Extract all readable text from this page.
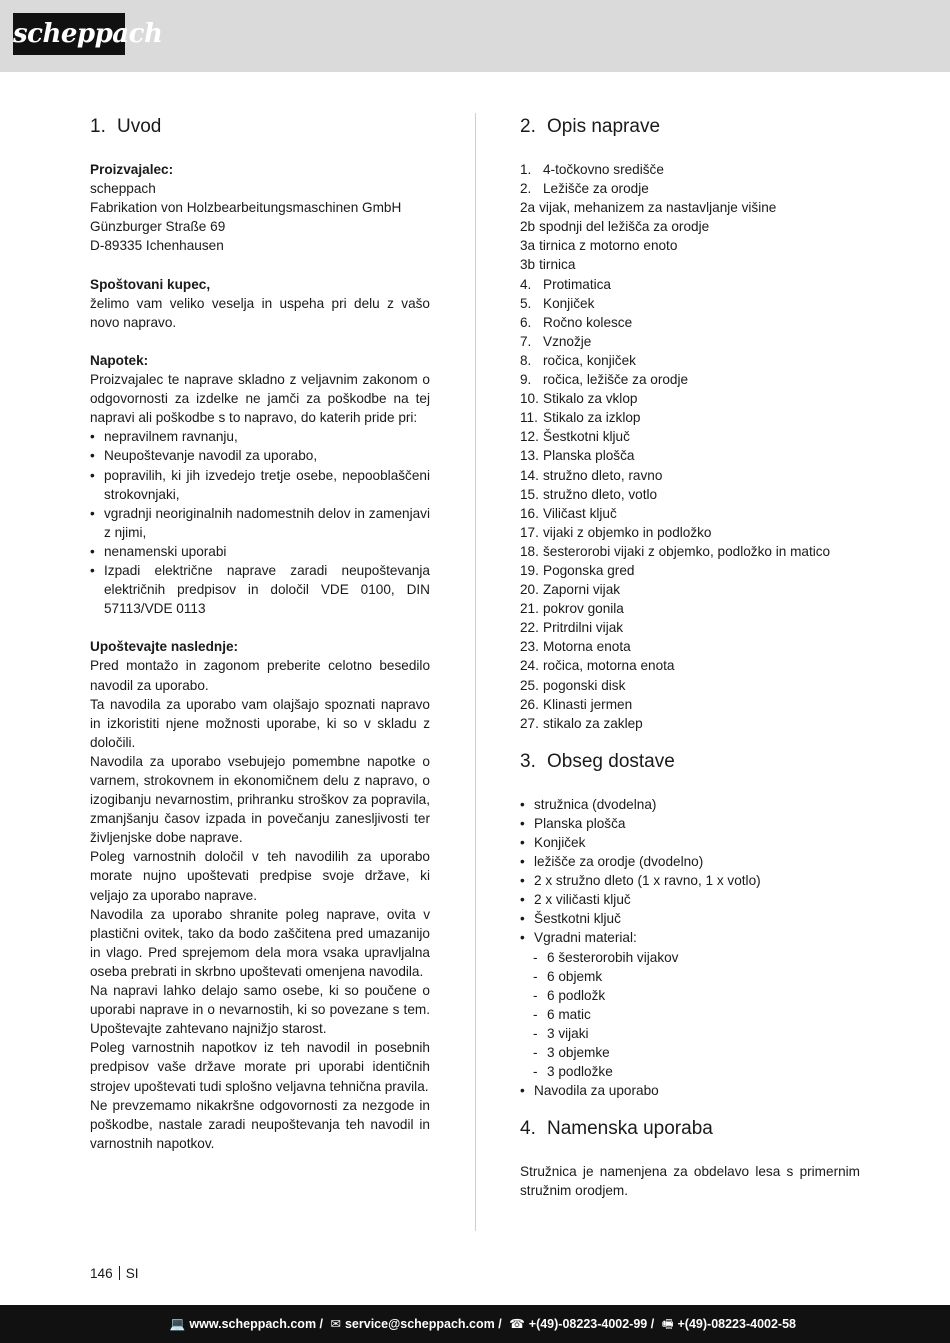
scheppach
1. Uvod
Proizvajalec:
scheppach
Fabrikation von Holzbearbeitungsmaschinen GmbH
Günzburger Straße 69
D-89335 Ichenhausen
Spoštovani kupec,
želimo vam veliko veselja in uspeha pri delu z vašo novo napravo.
Napotek:
Proizvajalec te naprave skladno z veljavnim zakonom o odgovornosti za izdelke ne jamči za poškodbe na tej napravi ali poškodbe s to napravo, do katerih pride pri:
• nepravilnem ravnanju,
• Neupoštevanje navodil za uporabo,
• popravilih, ki jih izvedejo tretje osebe, nepooblaščeni strokovnjaki,
• vgradnji neoriginalnih nadomestnih delov in zamenjavi z njimi,
• nenamenski uporabi
• Izpadi električne naprave zaradi neupoštevanja električnih predpisov in določil VDE 0100, DIN 57113/VDE 0113
Upoštevajte naslednje:
Pred montažo in zagonom preberite celotno besedilo navodil za uporabo.
Ta navodila za uporabo vam olajšajo spoznati napravo in izkoristiti njene možnosti uporabe, ki so v skladu z določili.
Navodila za uporabo vsebujejo pomembne napotke o varnem, strokovnem in ekonomičnem delu z napravo, o izogibanju nevarnostim, prihranku stroškov za popravila, zmanjšanju časov izpada in povečanju zanesljivosti ter življenjske dobe naprave.
Poleg varnostnih določil v teh navodilih za uporabo morate nujno upoštevati predpise svoje države, ki veljajo za uporabo naprave.
Navodila za uporabo shranite poleg naprave, ovita v plastični ovitek, tako da bodo zaščitena pred umazanijo in vlago. Pred sprejemom dela mora vsaka upravljalna oseba prebrati in skrbno upoštevati omenjena navodila.
Na napravi lahko delajo samo osebe, ki so poučene o uporabi naprave in o nevarnostih, ki so povezane s tem. Upoštevajte zahtevano najnižjo starost.
Poleg varnostnih napotkov iz teh navodil in posebnih predpisov vaše države morate pri uporabi identičnih strojev upoštevati tudi splošno veljavna tehnična pravila.
Ne prevzemamo nikakršne odgovornosti za nezgode in poškodbe, nastale zaradi neupoštevanja teh navodil in varnostnih napotkov.
2. Opis naprave
1. 4-točkovno središče
2. Ležišče za orodje
2a vijak, mehanizem za nastavljanje višine
2b spodnji del ležišča za orodje
3a tirnica z motorno enoto
3b tirnica
4. Protimatica
5. Konjiček
6. Ročno kolesce
7. Vznožje
8. ročica, konjiček
9. ročica, ležišče za orodje
10. Stikalo za vklop
11. Stikalo za izklop
12. Šestkotni ključ
13. Planska plošča
14. stružno dleto, ravno
15. stružno dleto, votlo
16. Viličast ključ
17. vijaki z objemko in podložko
18. šesterorobi vijaki z objemko, podložko in matico
19. Pogonska gred
20. Zaporni vijak
21. pokrov gonila
22. Pritrdilni vijak
23. Motorna enota
24. ročica, motorna enota
25. pogonski disk
26. Klinasti jermen
27. stikalo za zaklep
3. Obseg dostave
• stružnica (dvodelna)
• Planska plošča
• Konjiček
• ležišče za orodje (dvodelno)
• 2 x stružno dleto (1 x ravno, 1 x votlo)
• 2 x viličasti ključ
• Šestkotni ključ
• Vgradni material:
- 6 šesterorobih vijakov
- 6 objemk
- 6 podložk
- 6 matic
- 3 vijaki
- 3 objemke
- 3 podložke
• Navodila za uporabo
4. Namenska uporaba
Stružnica je namenjena za obdelavo lesa s primernim stružnim orodjem.
146 SI
💻 www.scheppach.com / ✉ service@scheppach.com / ☎ +(49)-08223-4002-99 / 🖷 +(49)-08223-4002-58
